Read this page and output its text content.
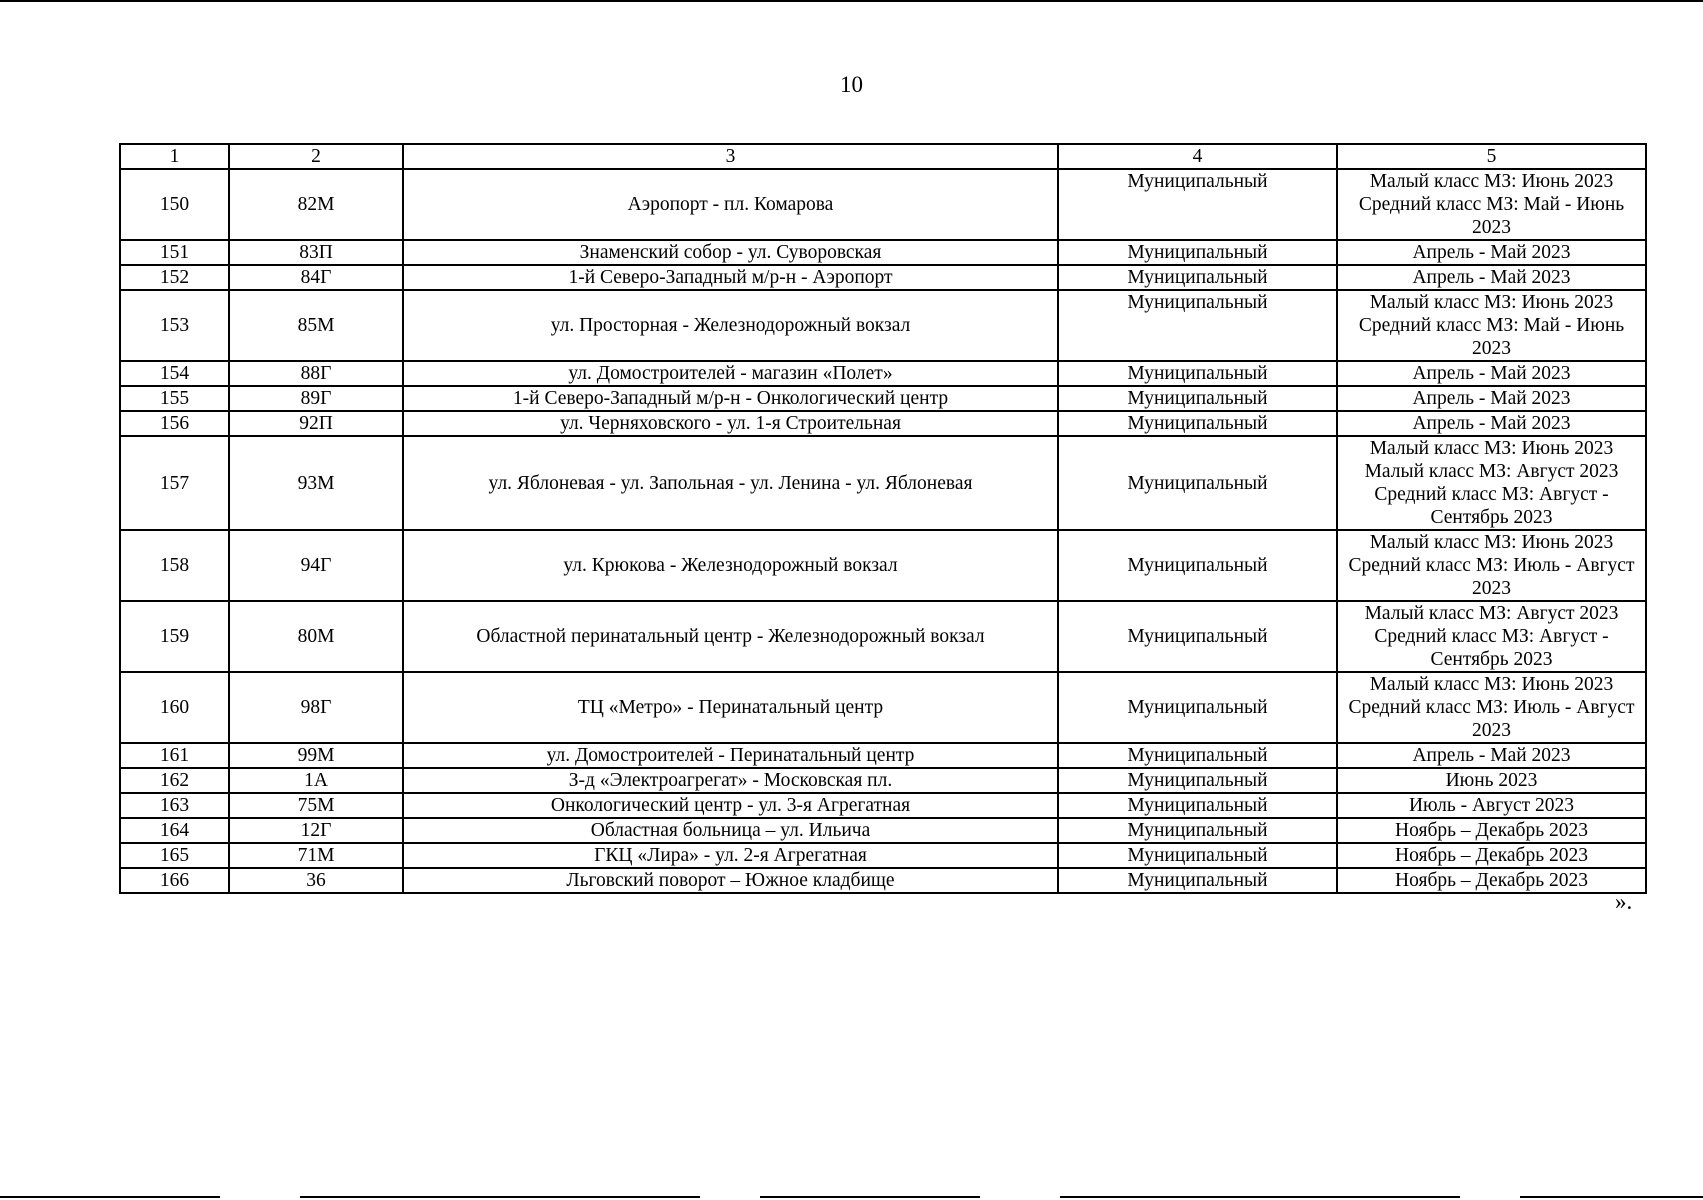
10
1	2	3	4	5
150	82М	Аэропорт - пл. Комарова	Муниципальный	Малый класс МЗ: Июнь 2023
Средний класс МЗ: Май - Июнь 2023

151	83П	Знаменский собор - ул. Суворовская	Муниципальный	Апрель - Май 2023

152	84Г	1-й Северо-Западный м/р-н - Аэропорт	Муниципальный	Апрель - Май 2023

153	85М	ул. Просторная - Железнодорожный вокзал	Муниципальный	Малый класс МЗ: Июнь 2023
Средний класс МЗ: Май - Июнь 2023

154	88Г	ул. Домостроителей - магазин «Полет»	Муниципальный	Апрель - Май 2023

155	89Г	1-й Северо-Западный м/р-н - Онкологический центр	Муниципальный	Апрель - Май 2023

156	92П	ул. Черняховского - ул. 1-я Строительная	Муниципальный	Апрель - Май 2023

157	93М	ул. Яблоневая - ул. Запольная - ул. Ленина - ул. Яблоневая	Муниципальный	Малый класс МЗ: Июнь 2023
Малый класс МЗ: Август 2023
Средний класс МЗ: Август - Сентябрь 2023

158	94Г	ул. Крюкова - Железнодорожный вокзал	Муниципальный	Малый класс МЗ: Июнь 2023
Средний класс МЗ: Июль - Август 2023

159	80М	Областной перинатальный центр - Железнодорожный вокзал	Муниципальный	Малый класс МЗ: Август 2023
Средний класс МЗ: Август - Сентябрь 2023

160	98Г	ТЦ «Метро» - Перинатальный центр	Муниципальный	Малый класс МЗ: Июнь 2023
Средний класс МЗ: Июль - Август 2023

161	99М	ул. Домостроителей - Перинатальный центр	Муниципальный	Апрель - Май 2023

162	1А	З-д «Электроагрегат» - Московская пл.	Муниципальный	Июнь 2023

163	75М	Онкологический центр - ул. 3-я Агрегатная	Муниципальный	Июль - Август 2023

164	12Г	Областная больница – ул. Ильича	Муниципальный	Ноябрь – Декабрь 2023

165	71М	ГКЦ «Лира» - ул. 2-я Агрегатная	Муниципальный	Ноябрь – Декабрь 2023

166	36	Льговский поворот – Южное кладбище	Муниципальный	Ноябрь – Декабрь 2023
».
